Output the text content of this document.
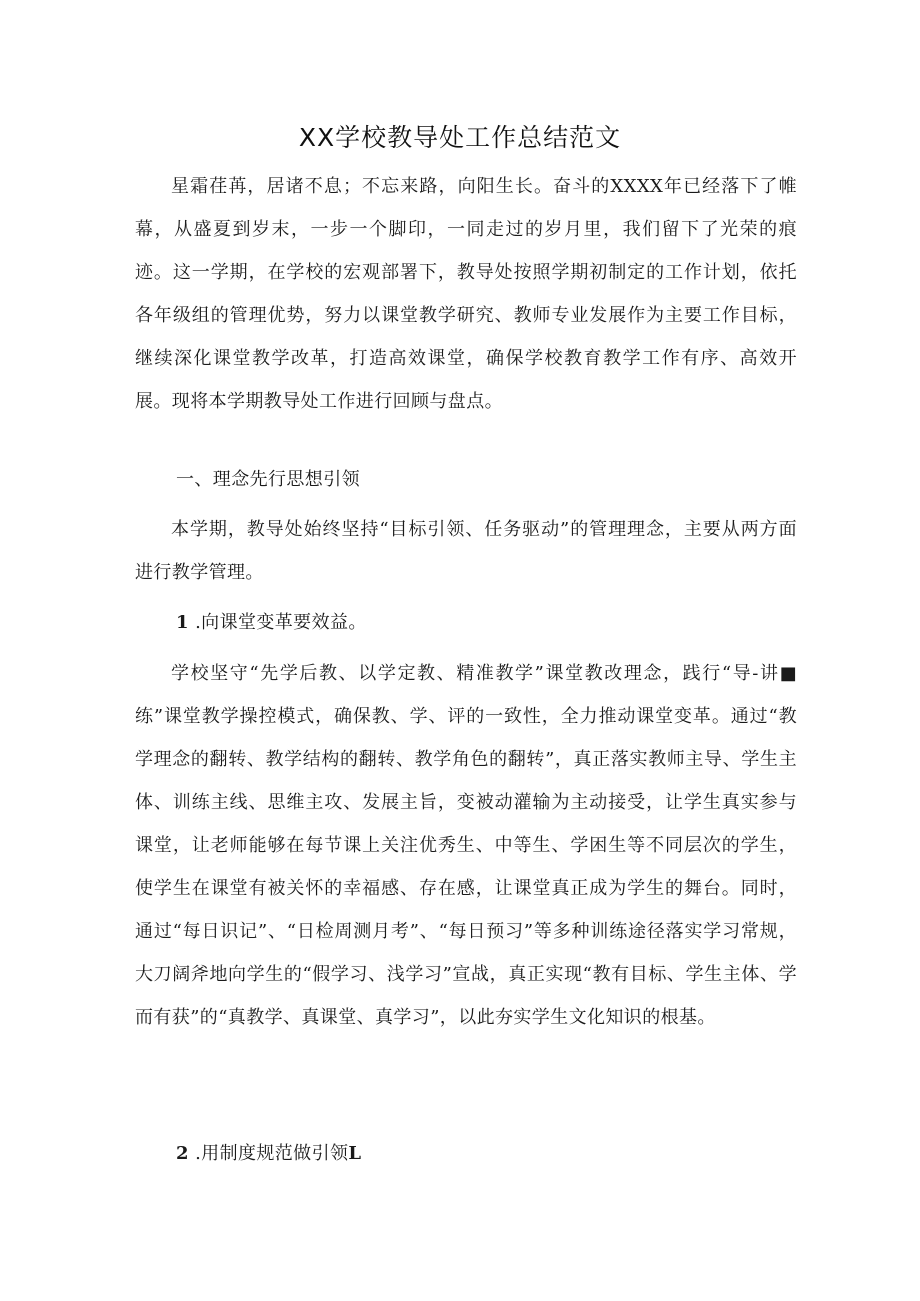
XX学校教导处工作总结范文

星霜荏苒，居诸不息；不忘来路，向阳生长。奋斗的XXXX年已经落下了帷幕，从盛夏到岁末，一步一个脚印，一同走过的岁月里，我们留下了光荣的痕迹。这一学期，在学校的宏观部署下，教导处按照学期初制定的工作计划，依托各年级组的管理优势，努力以课堂教学研究、教师专业发展作为主要工作目标，继续深化课堂教学改革，打造高效课堂，确保学校教育教学工作有序、高效开展。现将本学期教导处工作进行回顾与盘点。

一、理念先行思想引领

本学期，教导处始终坚持“目标引领、任务驱动”的管理理念，主要从两方面进行教学管理。

1 .向课堂变革要效益。

学校坚守“先学后教、以学定教、精准教学”课堂教改理念，践行“导-讲■练”课堂教学操控模式，确保教、学、评的一致性，全力推动课堂变革。通过“教学理念的翻转、教学结构的翻转、教学角色的翻转”，真正落实教师主导、学生主体、训练主线、思维主攻、发展主旨，变被动灌输为主动接受，让学生真实参与课堂，让老师能够在每节课上关注优秀生、中等生、学困生等不同层次的学生，使学生在课堂有被关怀的幸福感、存在感，让课堂真正成为学生的舞台。同时，通过“每日识记”、“日检周测月考”、“每日预习”等多种训练途径落实学习常规，大刀阔斧地向学生的“假学习、浅学习”宣战，真正实现“教有目标、学生主体、学而有获”的“真教学、真课堂、真学习”，以此夯实学生文化知识的根基。

2 .用制度规范做引领L
